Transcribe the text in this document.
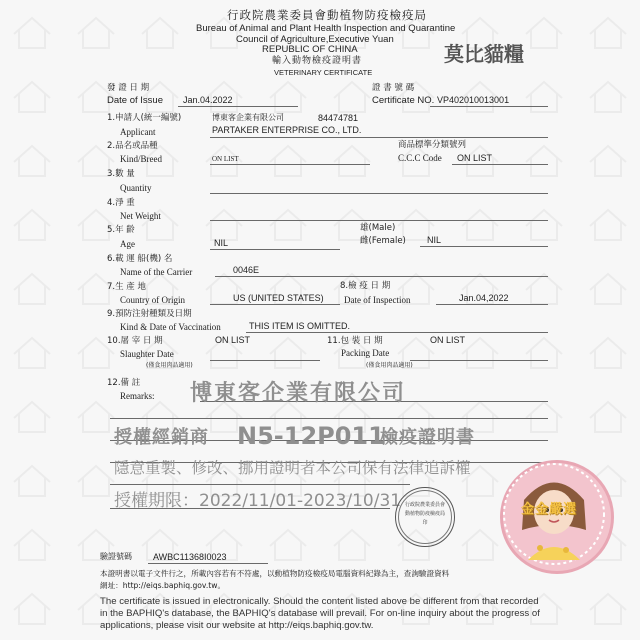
行政院農業委員會動植物防疫檢疫局
Bureau of Animal and Plant Health Inspection and Quarantine
Council of Agriculture,Executive Yuan
REPUBLIC OF CHINA
輸入動物檢疫證明書
VETERINARY CERTIFICATE
莫比貓糧
發 證 日 期
Date of Issue Jan.04.2022
證 書 號 碼
Certificate NO. VP402010013001
1.申請人(統一編號)
Applicant
博東客企業有限公司	84474781
PARTAKER ENTERPRISE CO., LTD.
2.品名或品種
Kind/Breed	ON LIST
商品標準分類號列
C.C.C Code ON LIST
3.數 量
Quantity
4.淨 重
Net Weight
5.年 齡
Age	NIL
雄(Male)
雌(Female) NIL
6.載 運 船(機) 名
Name of the Carrier	0046E
7.生 產 地
Country of Origin	US (UNITED STATES)
8.檢 疫 日 期
Date of Inspection	Jan.04,2022
9.預防注射種類及日期
Kind & Date of Vaccination	THIS ITEM IS OMITTED.
10.屠 宰 日 期
Slaughter Date
ON LIST
(僅食用肉品適用)
11.包 裝 日 期
Packing Date
ON LIST
(僅食用肉品適用)
12.備 註
Remarks: 博東客企業有限公司
授權經銷商 N5-12P011
檢疫證明書
隱意重製、修改、挪用證明者本公司保有法律追訴權
授權期限：2022/11/01-2023/10/31 行政院農業委員會
動植物防疫檢疫局
印
金金嚴選
驗證號碼 AWBC11368I0023
本證明書以電子文件行之，所載內容若有不符處，以動植物防疫檢疫局電腦資料紀錄為主，查詢驗證資料
網址：http://eiqs.baphiq.gov.tw。
The certificate is issued in electronically. Should the content listed above be different from that recorded
in the BAPHIQ's database, the BAPHIQ's database will prevail. For on-line inquiry about the progress of
applications, please visit our website at http://eiqs.baphiq.gov.tw.
